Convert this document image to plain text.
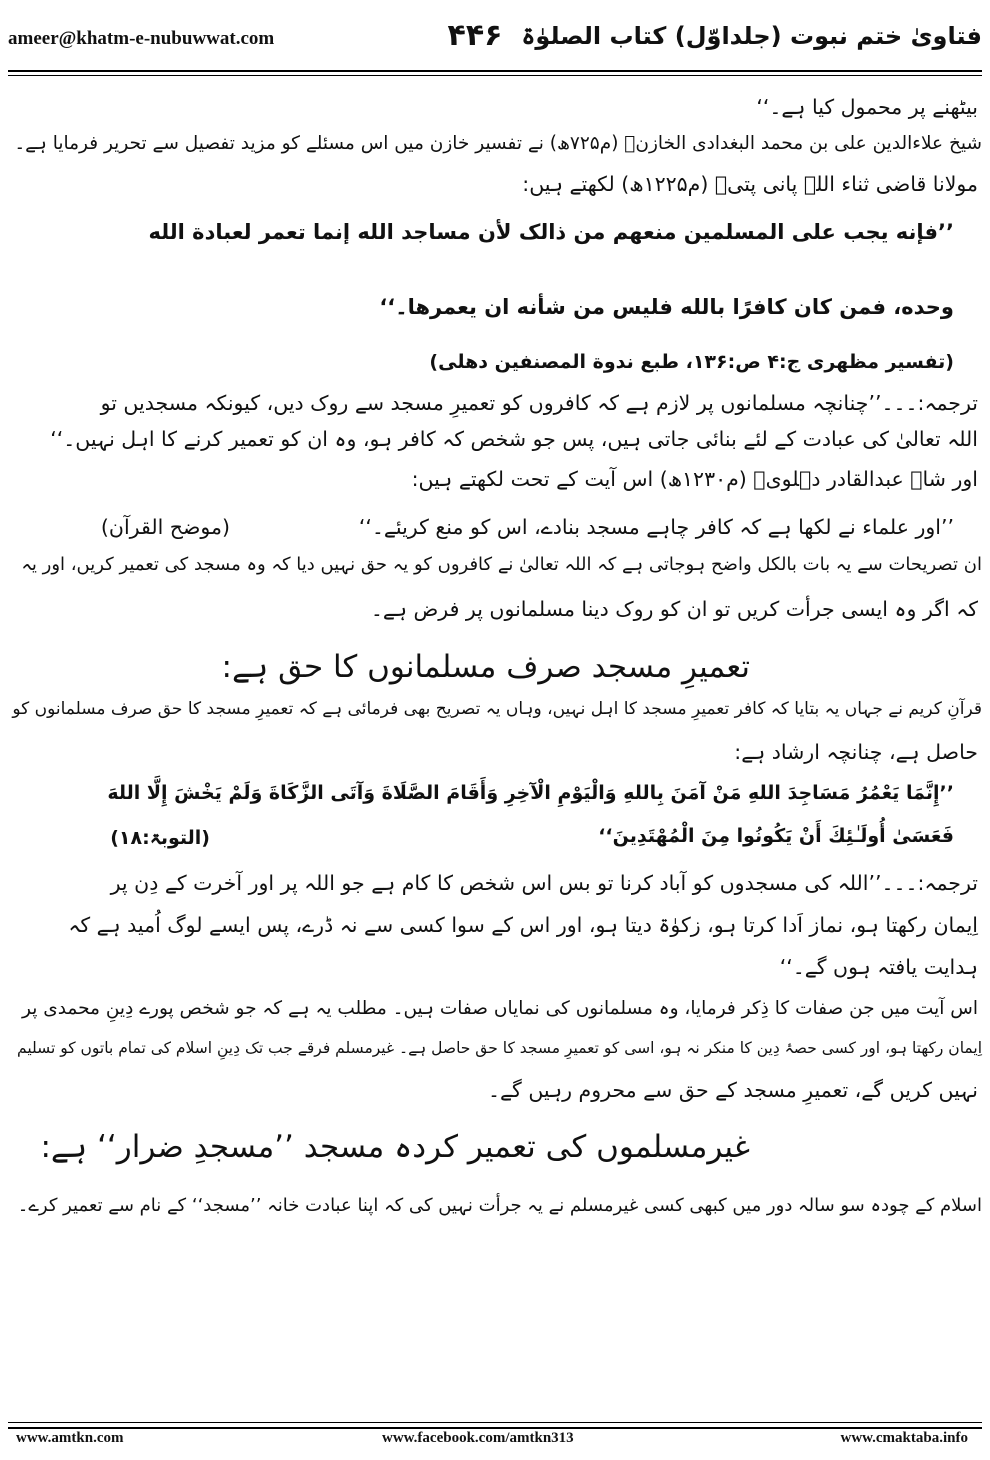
ameer@khatm-e-nubuwwat.com	۴۴۶ فتاویٰ ختم نبوت (جلداوّل) کتاب الصلوٰۃ
بیٹھنے پر محمول کیا ہے۔‘‘
شیخ علاءالدین علی بن محمد البغدادی الخازنؒ (م۷۲۵ھ) نے تفسیر خازن میں اس مسئلے کو مزید تفصیل سے تحریر فرمایا ہے۔
مولانا قاضی ثناء اللہ پانی پتیؒ (م۱۲۲۵ھ) لکھتے ہیں:
’’فإنه یجب علی المسلمین منعهم من ذالک لأن مساجد الله إنما تعمر لعبادة الله
وحده، فمن کان کافرًا بالله فلیس من شأنه ان یعمرها۔‘‘
(تفسیر مظهری ج:۴ ص:۱۳۶، طبع ندوة المصنفین دهلی)
ترجمہ:۔۔۔’’چنانچہ مسلمانوں پر لازم ہے کہ کافروں کو تعمیرِ مسجد سے روک دیں، کیونکہ مسجدیں تو
اللہ تعالیٰ کی عبادت کے لئے بنائی جاتی ہیں، پس جو شخص کہ کافر ہو، وہ ان کو تعمیر کرنے کا اہل نہیں۔‘‘
اور شاہ عبدالقادر دہلویؒ (م۱۲۳۰ھ) اس آیت کے تحت لکھتے ہیں:
’’اور علماء نے لکھا ہے کہ کافر چاہے مسجد بنادے، اس کو منع کریئے۔‘‘
(موضح القرآن)
ان تصریحات سے یہ بات بالکل واضح ہوجاتی ہے کہ اللہ تعالیٰ نے کافروں کو یہ حق نہیں دیا کہ وہ مسجد کی تعمیر کریں، اور یہ
کہ اگر وہ ایسی جرأت کریں تو ان کو روک دینا مسلمانوں پر فرض ہے۔
تعمیرِ مسجد صرف مسلمانوں کا حق ہے:
قرآنِ کریم نے جہاں یہ بتایا کہ کافر تعمیرِ مسجد کا اہل نہیں، وہاں یہ تصریح بھی فرمائی ہے کہ تعمیرِ مسجد کا حق صرف مسلمانوں کو
حاصل ہے، چنانچہ ارشاد ہے:
’’إِنَّمَا يَعْمُرُ مَسَاجِدَ اللهِ مَنْ آمَنَ بِاللهِ وَالْيَوْمِ الْآخِرِ وَأَقَامَ الصَّلَاةَ وَآتَى الزَّكَاةَ وَلَمْ يَخْشَ إِلَّا اللهَ
فَعَسَىٰ أُولَـٰئِكَ أَنْ يَكُونُوا مِنَ الْمُهْتَدِينَ‘‘
(التوبۃ:۱۸)
ترجمہ:۔۔۔’’اللہ کی مسجدوں کو آباد کرنا تو بس اس شخص کا کام ہے جو اللہ پر اور آخرت کے دِن پر
اِیمان رکھتا ہو، نماز اَدا کرتا ہو، زکوٰۃ دیتا ہو، اور اس کے سوا کسی سے نہ ڈرے، پس ایسے لوگ اُمید ہے کہ
ہدایت یافتہ ہوں گے۔‘‘
اس آیت میں جن صفات کا ذِکر فرمایا، وہ مسلمانوں کی نمایاں صفات ہیں۔ مطلب یہ ہے کہ جو شخص پورے دِینِ محمدی پر
اِیمان رکھتا ہو، اور کسی حصۂ دِین کا منکر نہ ہو، اسی کو تعمیرِ مسجد کا حق حاصل ہے۔ غیرمسلم فرقے جب تک دِینِ اسلام کی تمام باتوں کو تسلیم
نہیں کریں گے، تعمیرِ مسجد کے حق سے محروم رہیں گے۔
غیرمسلموں کی تعمیر کردہ مسجد ’’مسجدِ ضرار‘‘ ہے:
اسلام کے چودہ سو سالہ دور میں کبھی کسی غیرمسلم نے یہ جرأت نہیں کی کہ اپنا عبادت خانہ ’’مسجد‘‘ کے نام سے تعمیر کرے۔
www.amtkn.com	www.facebook.com/amtkn313	www.cmaktaba.info
